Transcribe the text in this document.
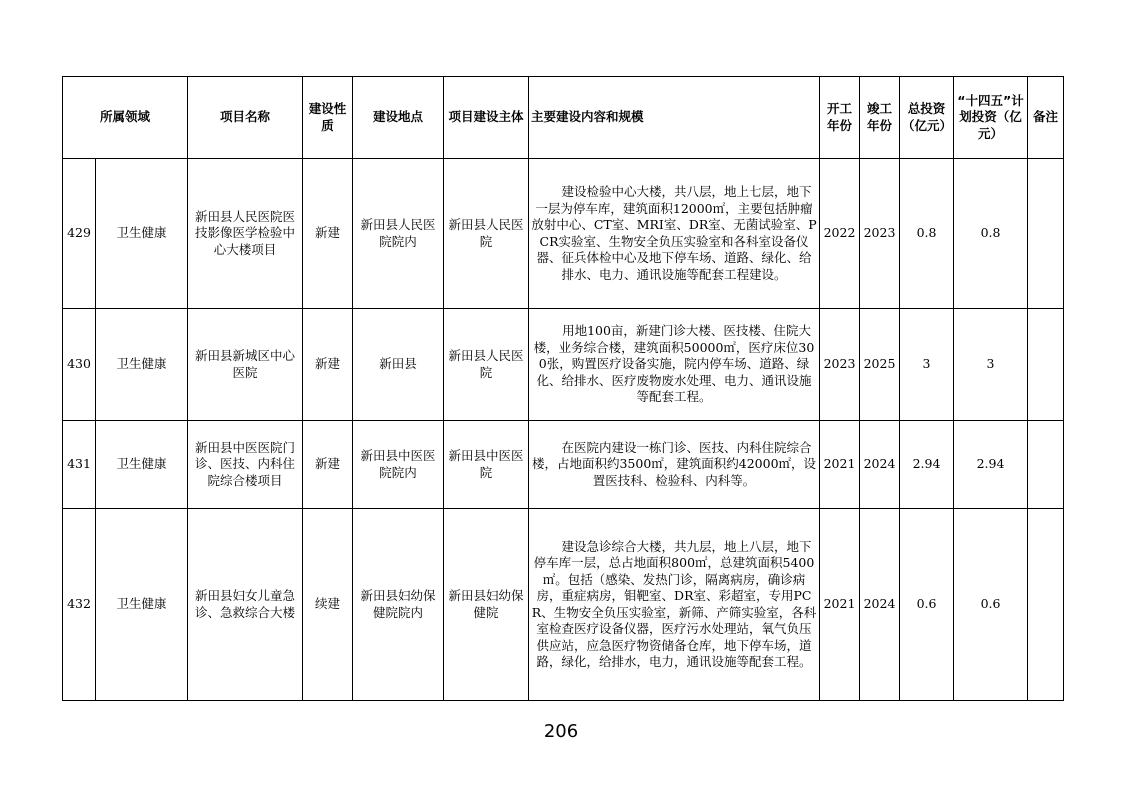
所属领域		项目名称	建设性质	建设地点	项目建设主体	主要建设内容和规模	开工年份	竣工年份	总投资（亿元）	“十四五”计划投资（亿元）	备注
429	卫生健康	新田县人民医院医技影像医学检验中心大楼项目	新建	新田县人民医院院内	新田县人民医院	建设检验中心大楼，共八层，地上七层，地下一层为停车库，建筑面积12000㎡，主要包括肿瘤放射中心、CT室、MRI室、DR室、无菌试验室、PCR实验室、生物安全负压实验室和各科室设备仪器、征兵体检中心及地下停车场、道路、绿化、给排水、电力、通讯设施等配套工程建设。	2022	2023	0.8	0.8	
430	卫生健康	新田县新城区中心医院	新建	新田县	新田县人民医院	用地100亩，新建门诊大楼、医技楼、住院大楼，业务综合楼，建筑面积50000㎡，医疗床位300张，购置医疗设备实施，院内停车场、道路、绿化、给排水、医疗废物废水处理、电力、通讯设施等配套工程。	2023	2025	3	3	
431	卫生健康	新田县中医医院门诊、医技、内科住院综合楼项目	新建	新田县中医医院院内	新田县中医医院	在医院内建设一栋门诊、医技、内科住院综合楼，占地面积约3500㎡，建筑面积约42000㎡，设置医技科、检验科、内科等。	2021	2024	2.94	2.94	
432	卫生健康	新田县妇女儿童急诊、急救综合大楼	续建	新田县妇幼保健院院内	新田县妇幼保健院	建设急诊综合大楼，共九层，地上八层，地下停车库一层，总占地面积800㎡，总建筑面积5400㎡。包括（感染、发热门诊，隔离病房，确诊病房，重症病房，钼靶室、DR室、彩超室，专用PCR、生物安全负压实验室，新筛、产筛实验室，各科室检查医疗设备仪器，医疗污水处理站，氧气负压供应站，应急医疗物资储备仓库，地下停车场，道路，绿化，给排水，电力，通讯设施等配套工程。	2021	2024	0.6	0.6	
206
